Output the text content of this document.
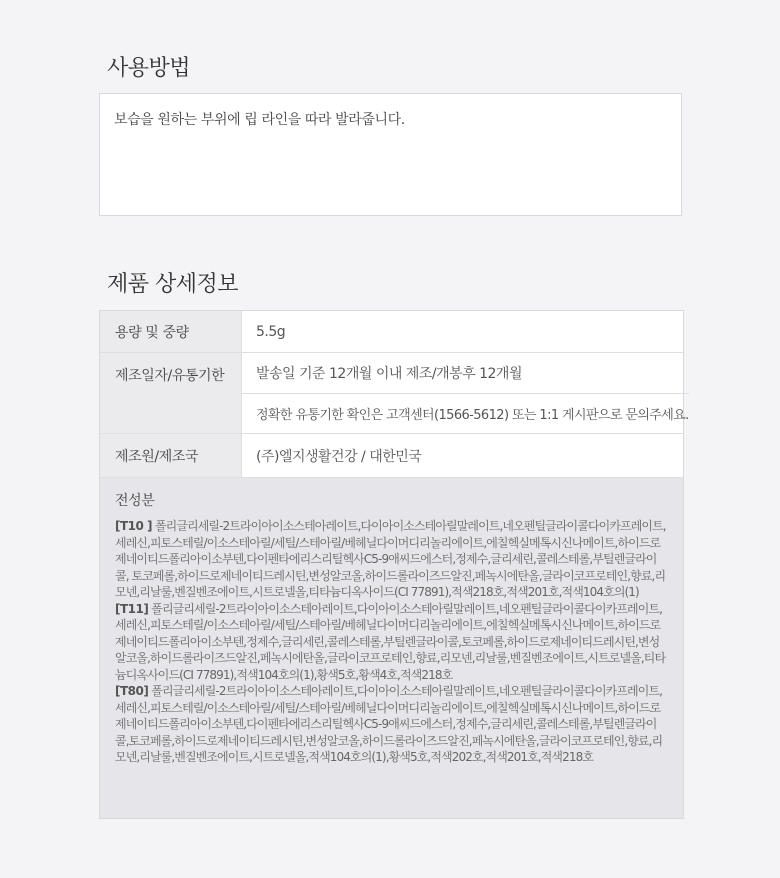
사용방법
보습을 원하는 부위에 립 라인을 따라 발라줍니다.
제품 상세정보
용량 및 중량	5.5g
제조일자/유통기한	발송일 기준 12개월 이내 제조/개봉후 12개월
정확한 유통기한 확인은 고객센터(1566-5612) 또는 1:1 게시판으로 문의주세요.
제조원/제조국	(주)엘지생활건강 / 대한민국
전성분
[T10 ] 폴리글리세릴-2트라이아이소스테아레이트,다이아이소스테아릴말레이트,네오펜틸글라이콜다이카프레이트,세레신,피토스테릴/이소스테아릴/세틸/스테아릴/베헤닐다이머디리놀리에이트,에칠헥실메톡시신나메이트,하이드로제네이티드폴리아이소부텐,다이펜타에리스리틸헥사C5-9애씨드에스터,정제수,글리세린,콜레스테롤,부틸렌글라이콜, 토코페롤,하이드로제네이티드레시틴,변성알코올,하이드롤라이즈드알진,페녹시에탄올,글라이코프로테인,향료,리모넨,리날룰,벤질벤조에이트,시트로넬올,티타늄디옥사이드(CI 77891),적색218호,적색201호,적색104호의(1)
[T11] 폴리글리세릴-2트라이아이소스테아레이트,다이아이소스테아릴말레이트,네오펜틸글라이콜다이카프레이트,세레신,피토스테릴/이소스테아릴/세틸/스테아릴/베헤닐다이머디리놀리에이트,에칠헥실메톡시신나메이트,하이드로제네이티드폴리아이소부텐,정제수,글리세린,콜레스테롤,부틸렌글라이콜,토코페롤,하이드로제네이티드레시틴,변성알코올,하이드롤라이즈드알진,페녹시에탄올,글라이코프로테인,향료,리모넨,리날룰,벤질벤조에이트,시트로넬올,티타늄디옥사이드(CI 77891),적색104호의(1),황색5호,황색4호,적색218호
[T80] 폴리글리세릴-2트라이아이소스테아레이트,다이아이소스테아릴말레이트,네오펜틸글라이콜다이카프레이트,세레신,피토스테릴/이소스테아릴/세틸/스테아릴/베헤닐다이머디리놀리에이트,에칠헥실메톡시신나메이트,하이드로제네이티드폴리아이소부텐,다이펜타에리스리틸헥사C5-9애씨드에스터,정제수,글리세린,콜레스테롤,부틸렌글라이콜,토코페롤,하이드로제네이티드레시틴,변성알코올,하이드롤라이즈드알진,페녹시에탄올,글라이코프로테인,향료,리모넨,리날룰,벤질벤조에이트,시트로넬올,적색104호의(1),황색5호,적색202호,적색201호,적색218호
